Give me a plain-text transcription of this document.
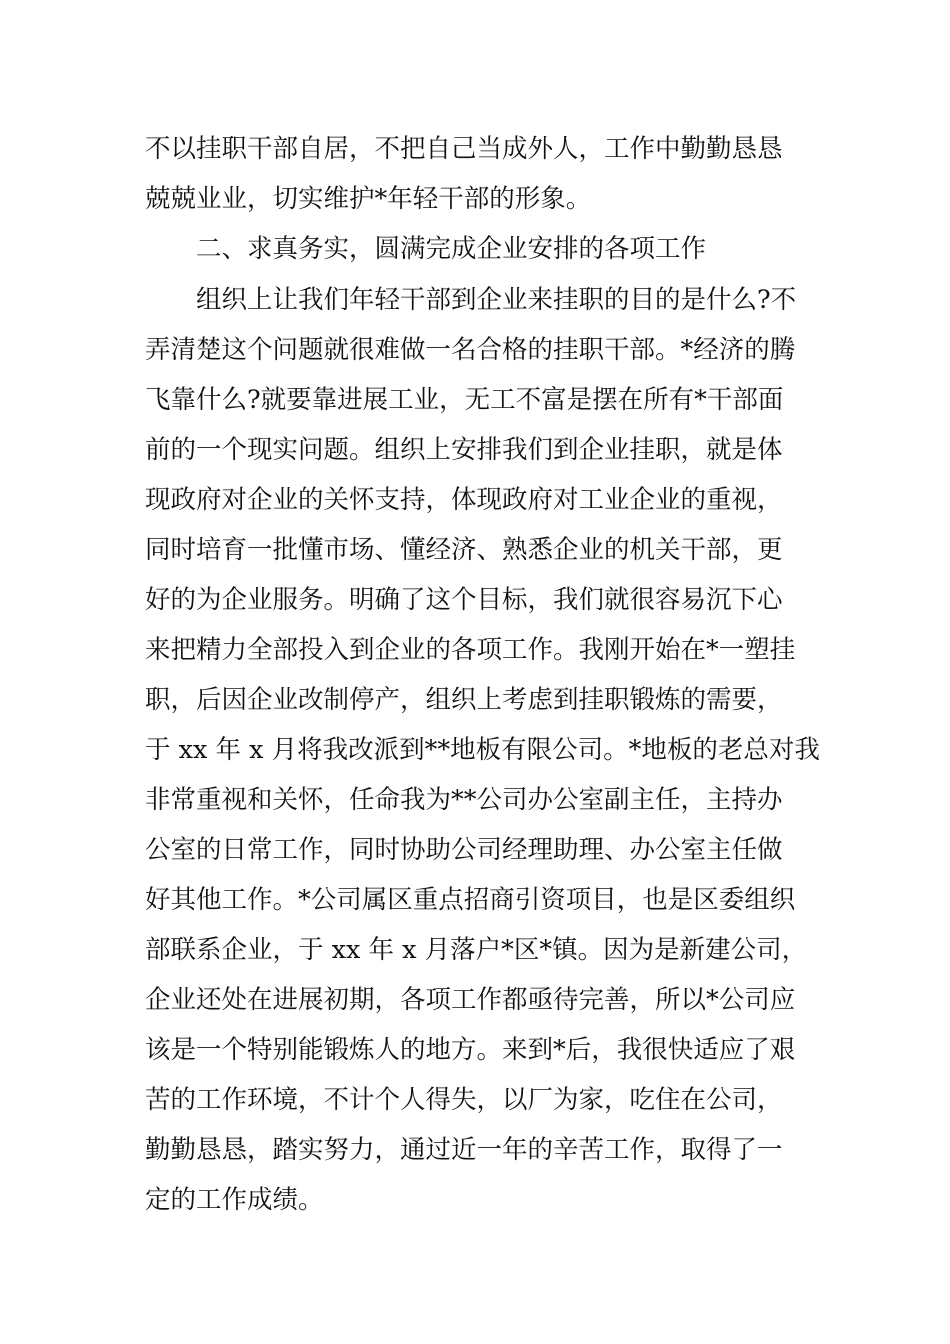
不以挂职干部自居，不把自己当成外人，工作中勤勤恳恳

兢兢业业，切实维护*年轻干部的形象。

二、求真务实，圆满完成企业安排的各项工作

组织上让我们年轻干部到企业来挂职的目的是什么?不

弄清楚这个问题就很难做一名合格的挂职干部。*经济的腾

飞靠什么?就要靠进展工业，无工不富是摆在所有*干部面

前的一个现实问题。组织上安排我们到企业挂职，就是体

现政府对企业的关怀支持，体现政府对工业企业的重视，

同时培育一批懂市场、懂经济、熟悉企业的机关干部，更

好的为企业服务。明确了这个目标，我们就很容易沉下心

来把精力全部投入到企业的各项工作。我刚开始在*一塑挂

职，后因企业改制停产，组织上考虑到挂职锻炼的需要，

于 xx 年 x 月将我改派到**地板有限公司。*地板的老总对我

非常重视和关怀，任命我为**公司办公室副主任，主持办

公室的日常工作，同时协助公司经理助理、办公室主任做

好其他工作。*公司属区重点招商引资项目，也是区委组织

部联系企业，于 xx 年 x 月落户*区*镇。因为是新建公司，

企业还处在进展初期，各项工作都亟待完善，所以*公司应

该是一个特别能锻炼人的地方。来到*后，我很快适应了艰

苦的工作环境，不计个人得失，以厂为家，吃住在公司，

勤勤恳恳，踏实努力，通过近一年的辛苦工作，取得了一

定的工作成绩。
